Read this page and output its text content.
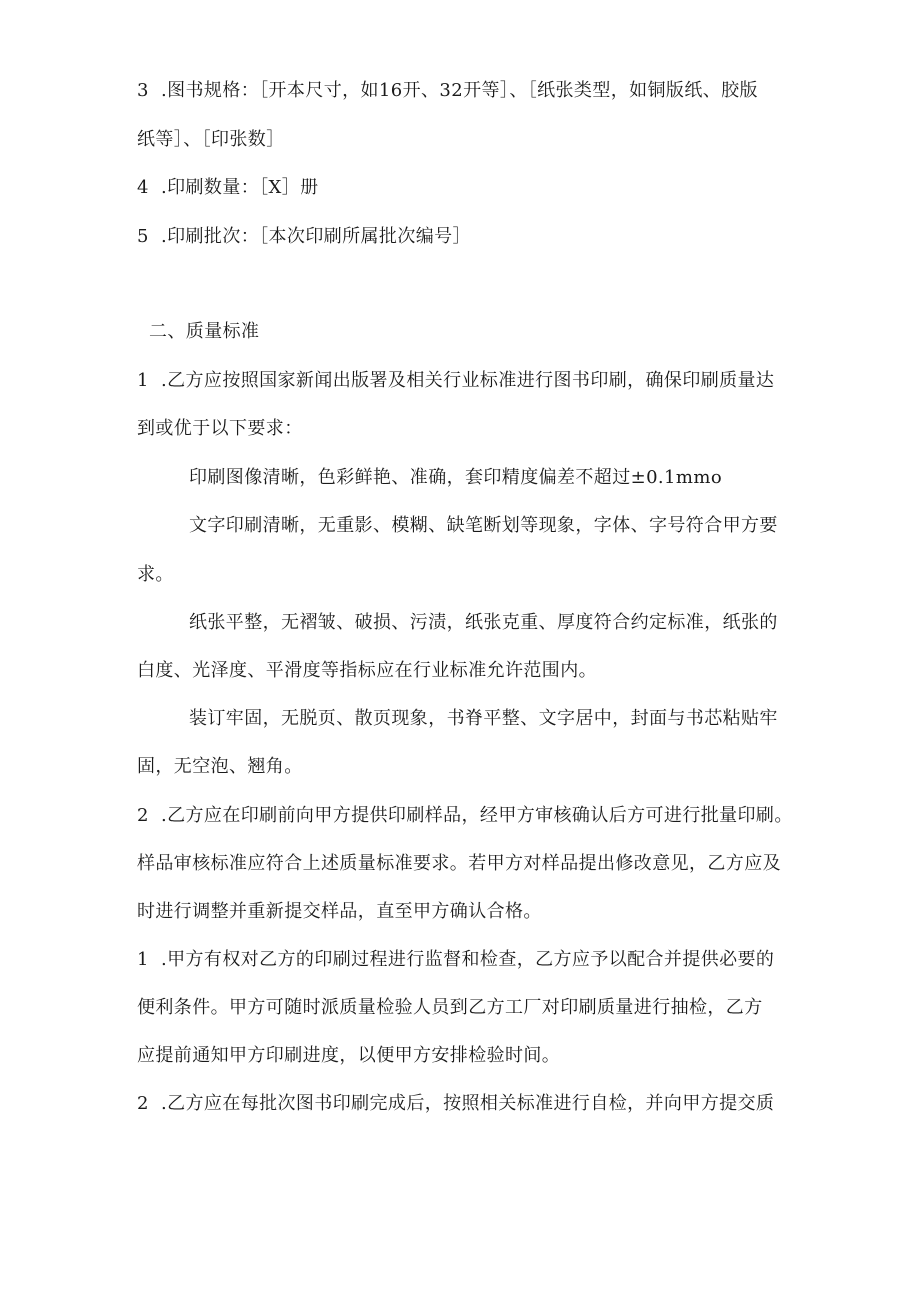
3 .图书规格：［开本尺寸，如16开、32开等］、［纸张类型，如铜版纸、胶版
纸等］、［印张数］
4 .印刷数量：［X］册
5 .印刷批次：［本次印刷所属批次编号］
二、质量标准
1 .乙方应按照国家新闻出版署及相关行业标准进行图书印刷，确保印刷质量达
到或优于以下要求：
印刷图像清晰，色彩鲜艳、准确，套印精度偏差不超过±0.1mmo
文字印刷清晰，无重影、模糊、缺笔断划等现象，字体、字号符合甲方要
求。
纸张平整，无褶皱、破损、污渍，纸张克重、厚度符合约定标准，纸张的
白度、光泽度、平滑度等指标应在行业标准允许范围内。
装订牢固，无脱页、散页现象，书脊平整、文字居中，封面与书芯粘贴牢
固，无空泡、翘角。
2 .乙方应在印刷前向甲方提供印刷样品，经甲方审核确认后方可进行批量印刷。
样品审核标准应符合上述质量标准要求。若甲方对样品提出修改意见，乙方应及
时进行调整并重新提交样品，直至甲方确认合格。
1 .甲方有权对乙方的印刷过程进行监督和检查，乙方应予以配合并提供必要的
便利条件。甲方可随时派质量检验人员到乙方工厂对印刷质量进行抽检，乙方
应提前通知甲方印刷进度，以便甲方安排检验时间。
2 .乙方应在每批次图书印刷完成后，按照相关标准进行自检，并向甲方提交质
